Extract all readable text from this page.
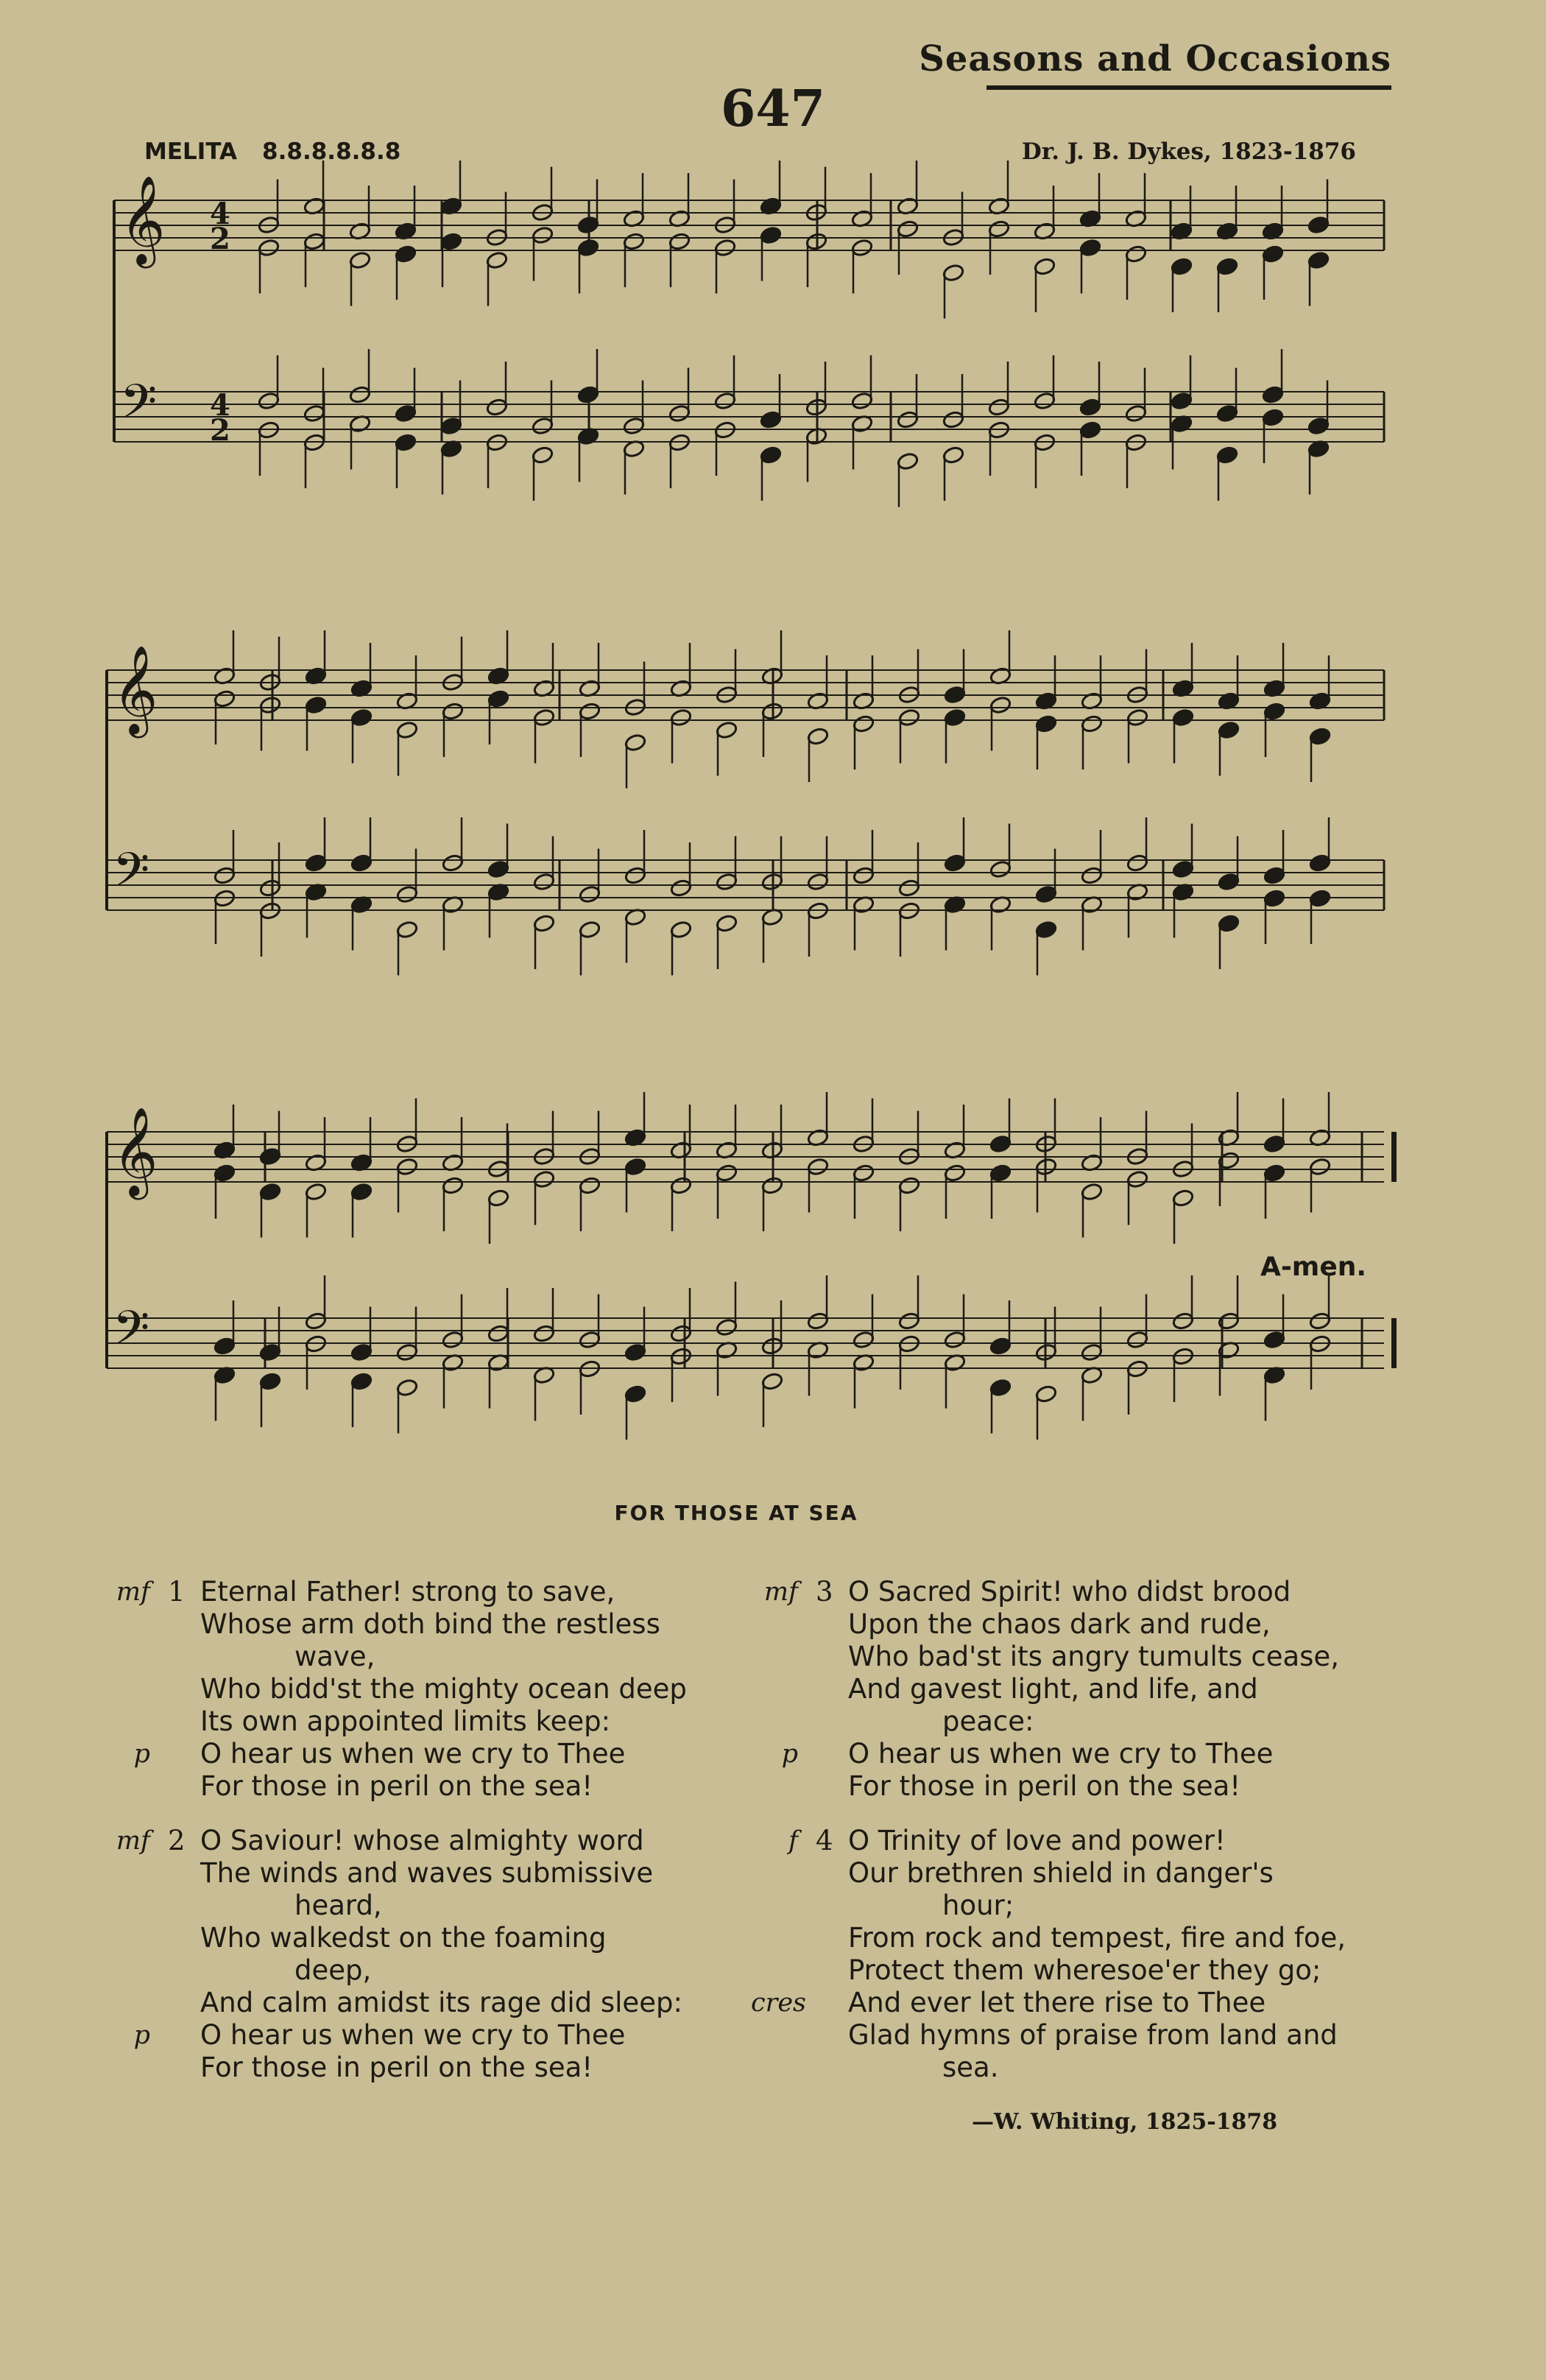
Seasons and Occasions
647
MELITA 8.8.8.8.8.8	Dr. J. B. Dykes, 1823-1876
𝄞
𝄢
4
2
4
2
𝄞
𝄢
𝄞
𝄢
A-men.
FOR THOSE AT SEA
mf 1 Eternal Father! strong to save,
Whose arm doth bind the restless
wave,
Who bidd'st the mighty ocean deep
Its own appointed limits keep:
p O hear us when we cry to Thee
For those in peril on the sea!
mf 2 O Saviour! whose almighty word
The winds and waves submissive
heard,
Who walkedst on the foaming
deep,
And calm amidst its rage did sleep:
p O hear us when we cry to Thee
For those in peril on the sea!
mf 3 O Sacred Spirit! who didst brood
Upon the chaos dark and rude,
Who bad'st its angry tumults cease,
And gavest light, and life, and
peace:
p O hear us when we cry to Thee
For those in peril on the sea!
f 4 O Trinity of love and power!
Our brethren shield in danger's
hour;
From rock and tempest, fire and foe,
Protect them wheresoe'er they go;
cres And ever let there rise to Thee
Glad hymns of praise from land and
sea.
—W. Whiting, 1825-1878
